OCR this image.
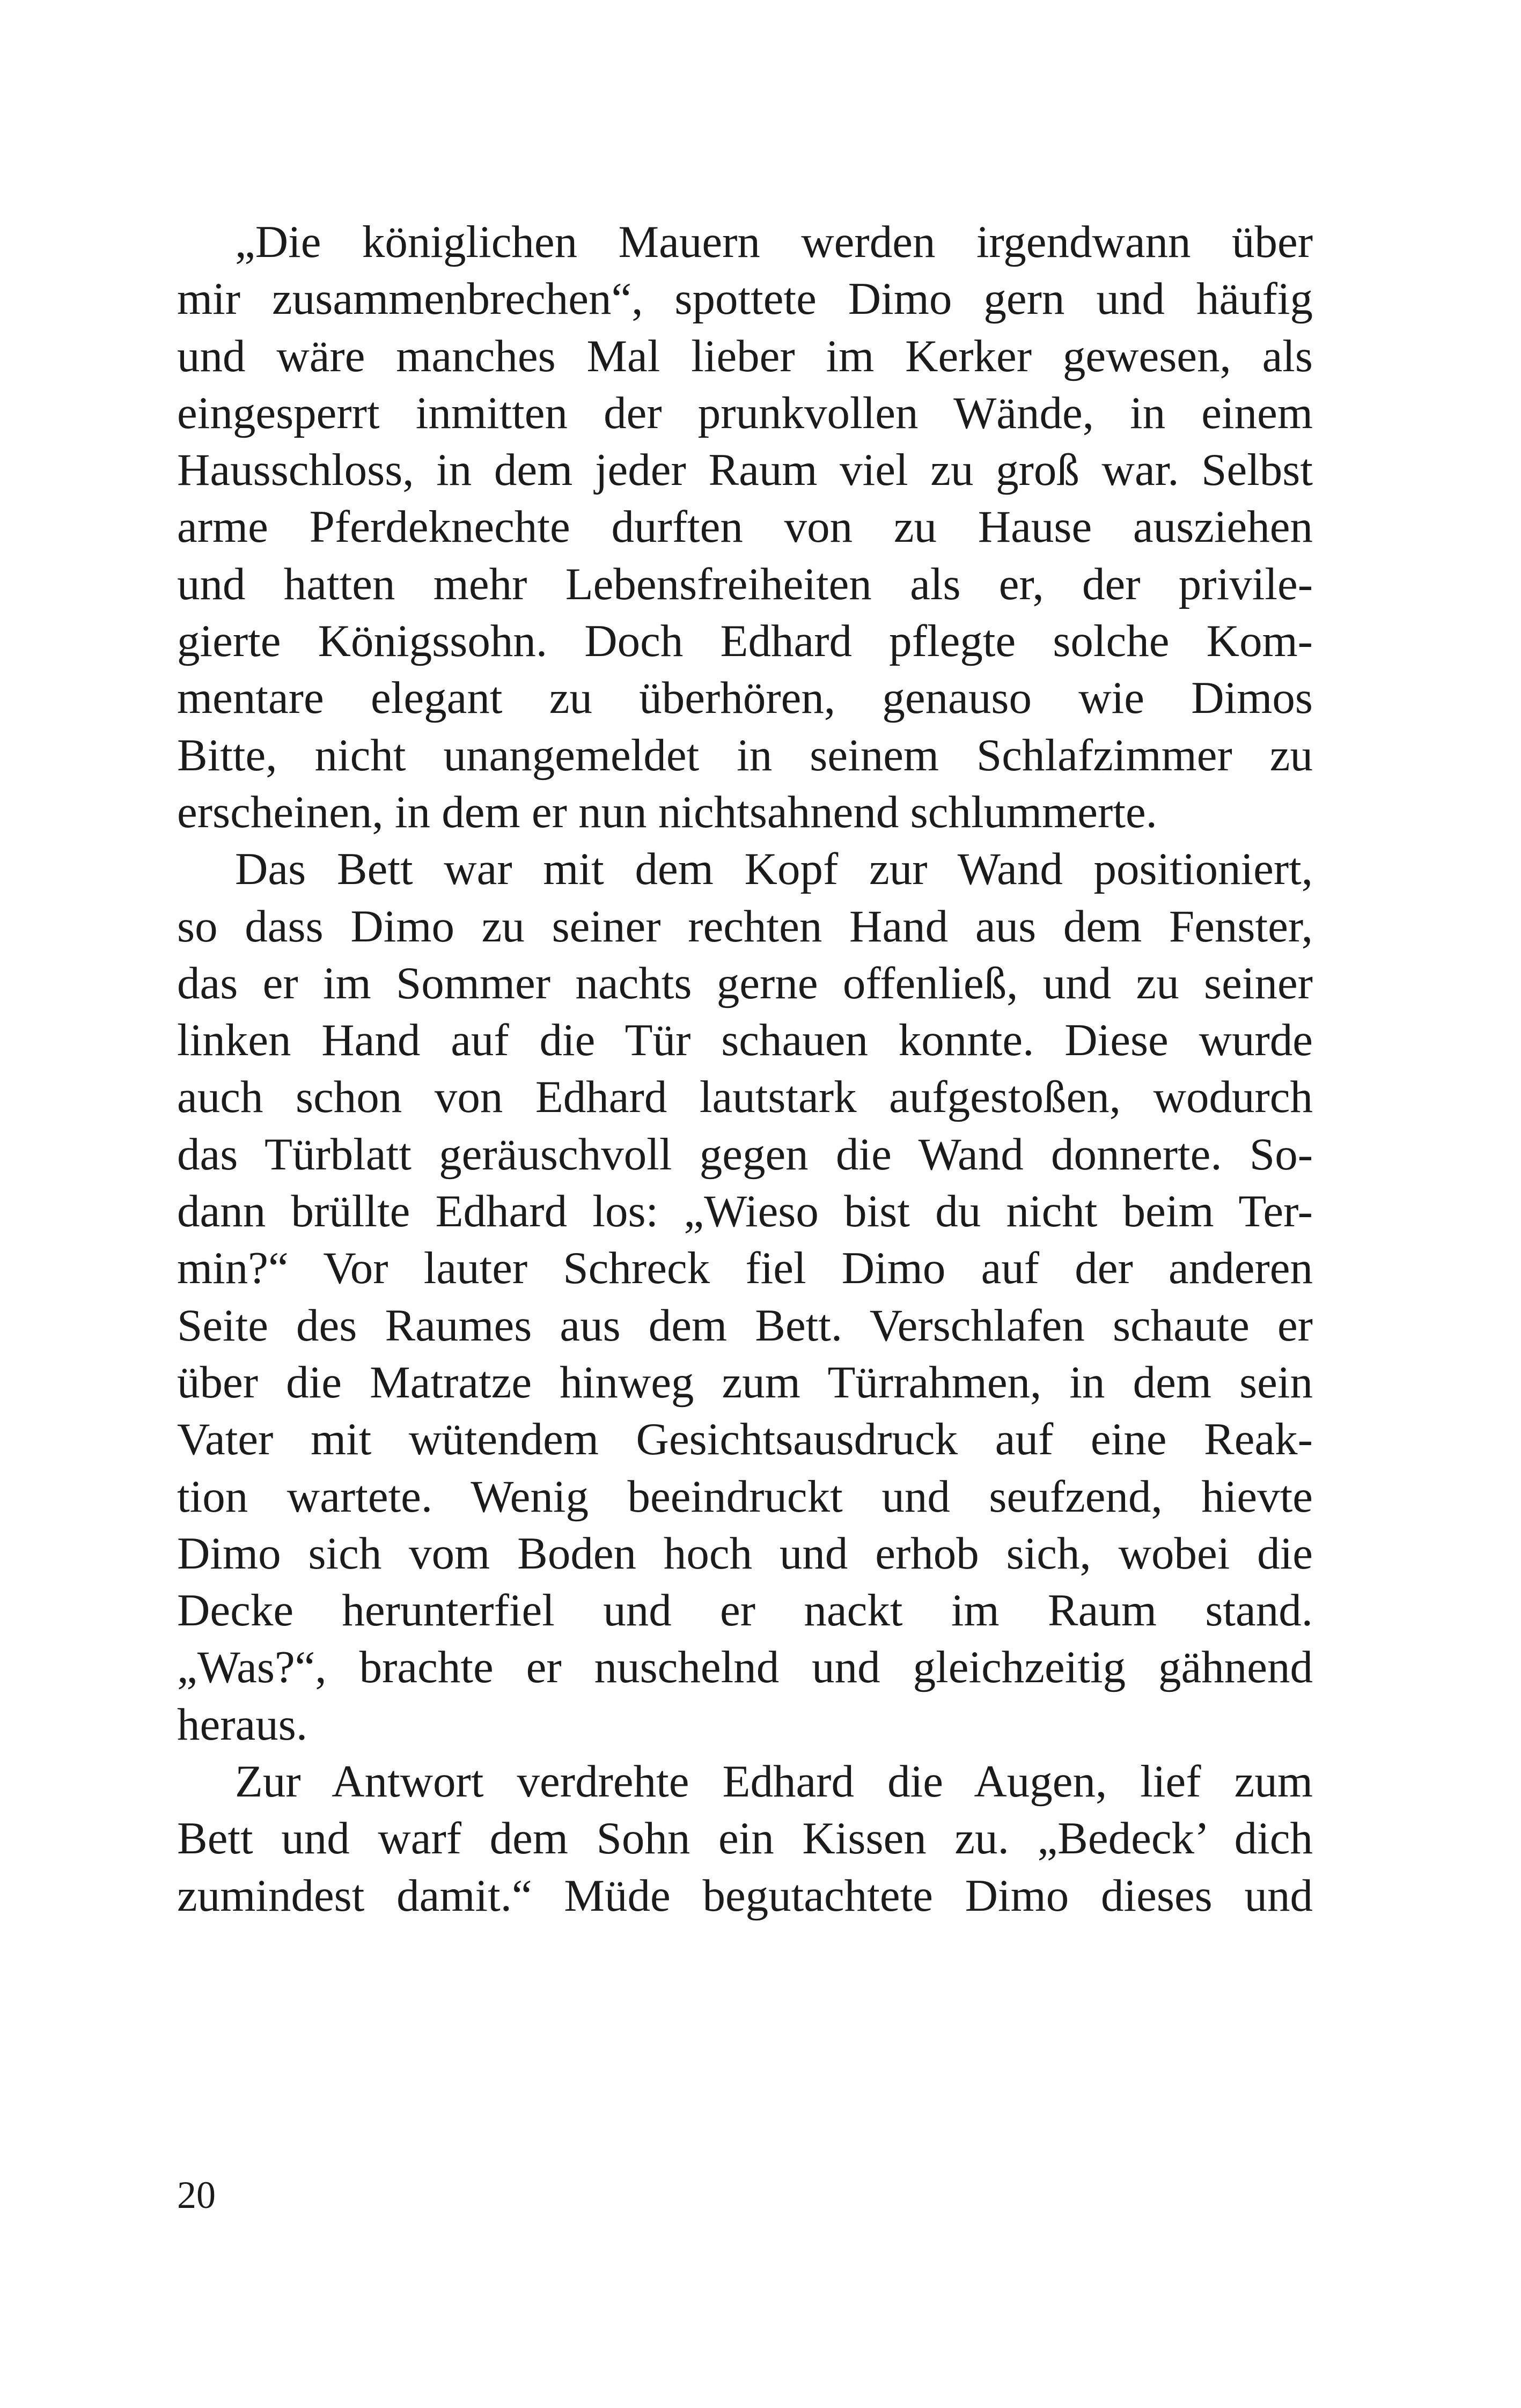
„Die königlichen Mauern werden irgendwann über
mir zusammenbrechen“, spottete Dimo gern und häufig
und wäre manches Mal lieber im Kerker gewesen, als
eingesperrt inmitten der prunkvollen Wände, in einem
Hausschloss, in dem jeder Raum viel zu groß war. Selbst
arme Pferdeknechte durften von zu Hause ausziehen
und hatten mehr Lebensfreiheiten als er, der privile-
gierte Königssohn. Doch Edhard pflegte solche Kom-
mentare elegant zu überhören, genauso wie Dimos
Bitte, nicht unangemeldet in seinem Schlafzimmer zu
erscheinen, in dem er nun nichtsahnend schlummerte.
Das Bett war mit dem Kopf zur Wand positioniert,
so dass Dimo zu seiner rechten Hand aus dem Fenster,
das er im Sommer nachts gerne offenließ, und zu seiner
linken Hand auf die Tür schauen konnte. Diese wurde
auch schon von Edhard lautstark aufgestoßen, wodurch
das Türblatt geräuschvoll gegen die Wand donnerte. So-
dann brüllte Edhard los: „Wieso bist du nicht beim Ter-
min?“ Vor lauter Schreck fiel Dimo auf der anderen
Seite des Raumes aus dem Bett. Verschlafen schaute er
über die Matratze hinweg zum Türrahmen, in dem sein
Vater mit wütendem Gesichtsausdruck auf eine Reak-
tion wartete. Wenig beeindruckt und seufzend, hievte
Dimo sich vom Boden hoch und erhob sich, wobei die
Decke herunterfiel und er nackt im Raum stand.
„Was?“, brachte er nuschelnd und gleichzeitig gähnend
heraus.
Zur Antwort verdrehte Edhard die Augen, lief zum
Bett und warf dem Sohn ein Kissen zu. „Bedeck’ dich
zumindest damit.“ Müde begutachtete Dimo dieses und
20
